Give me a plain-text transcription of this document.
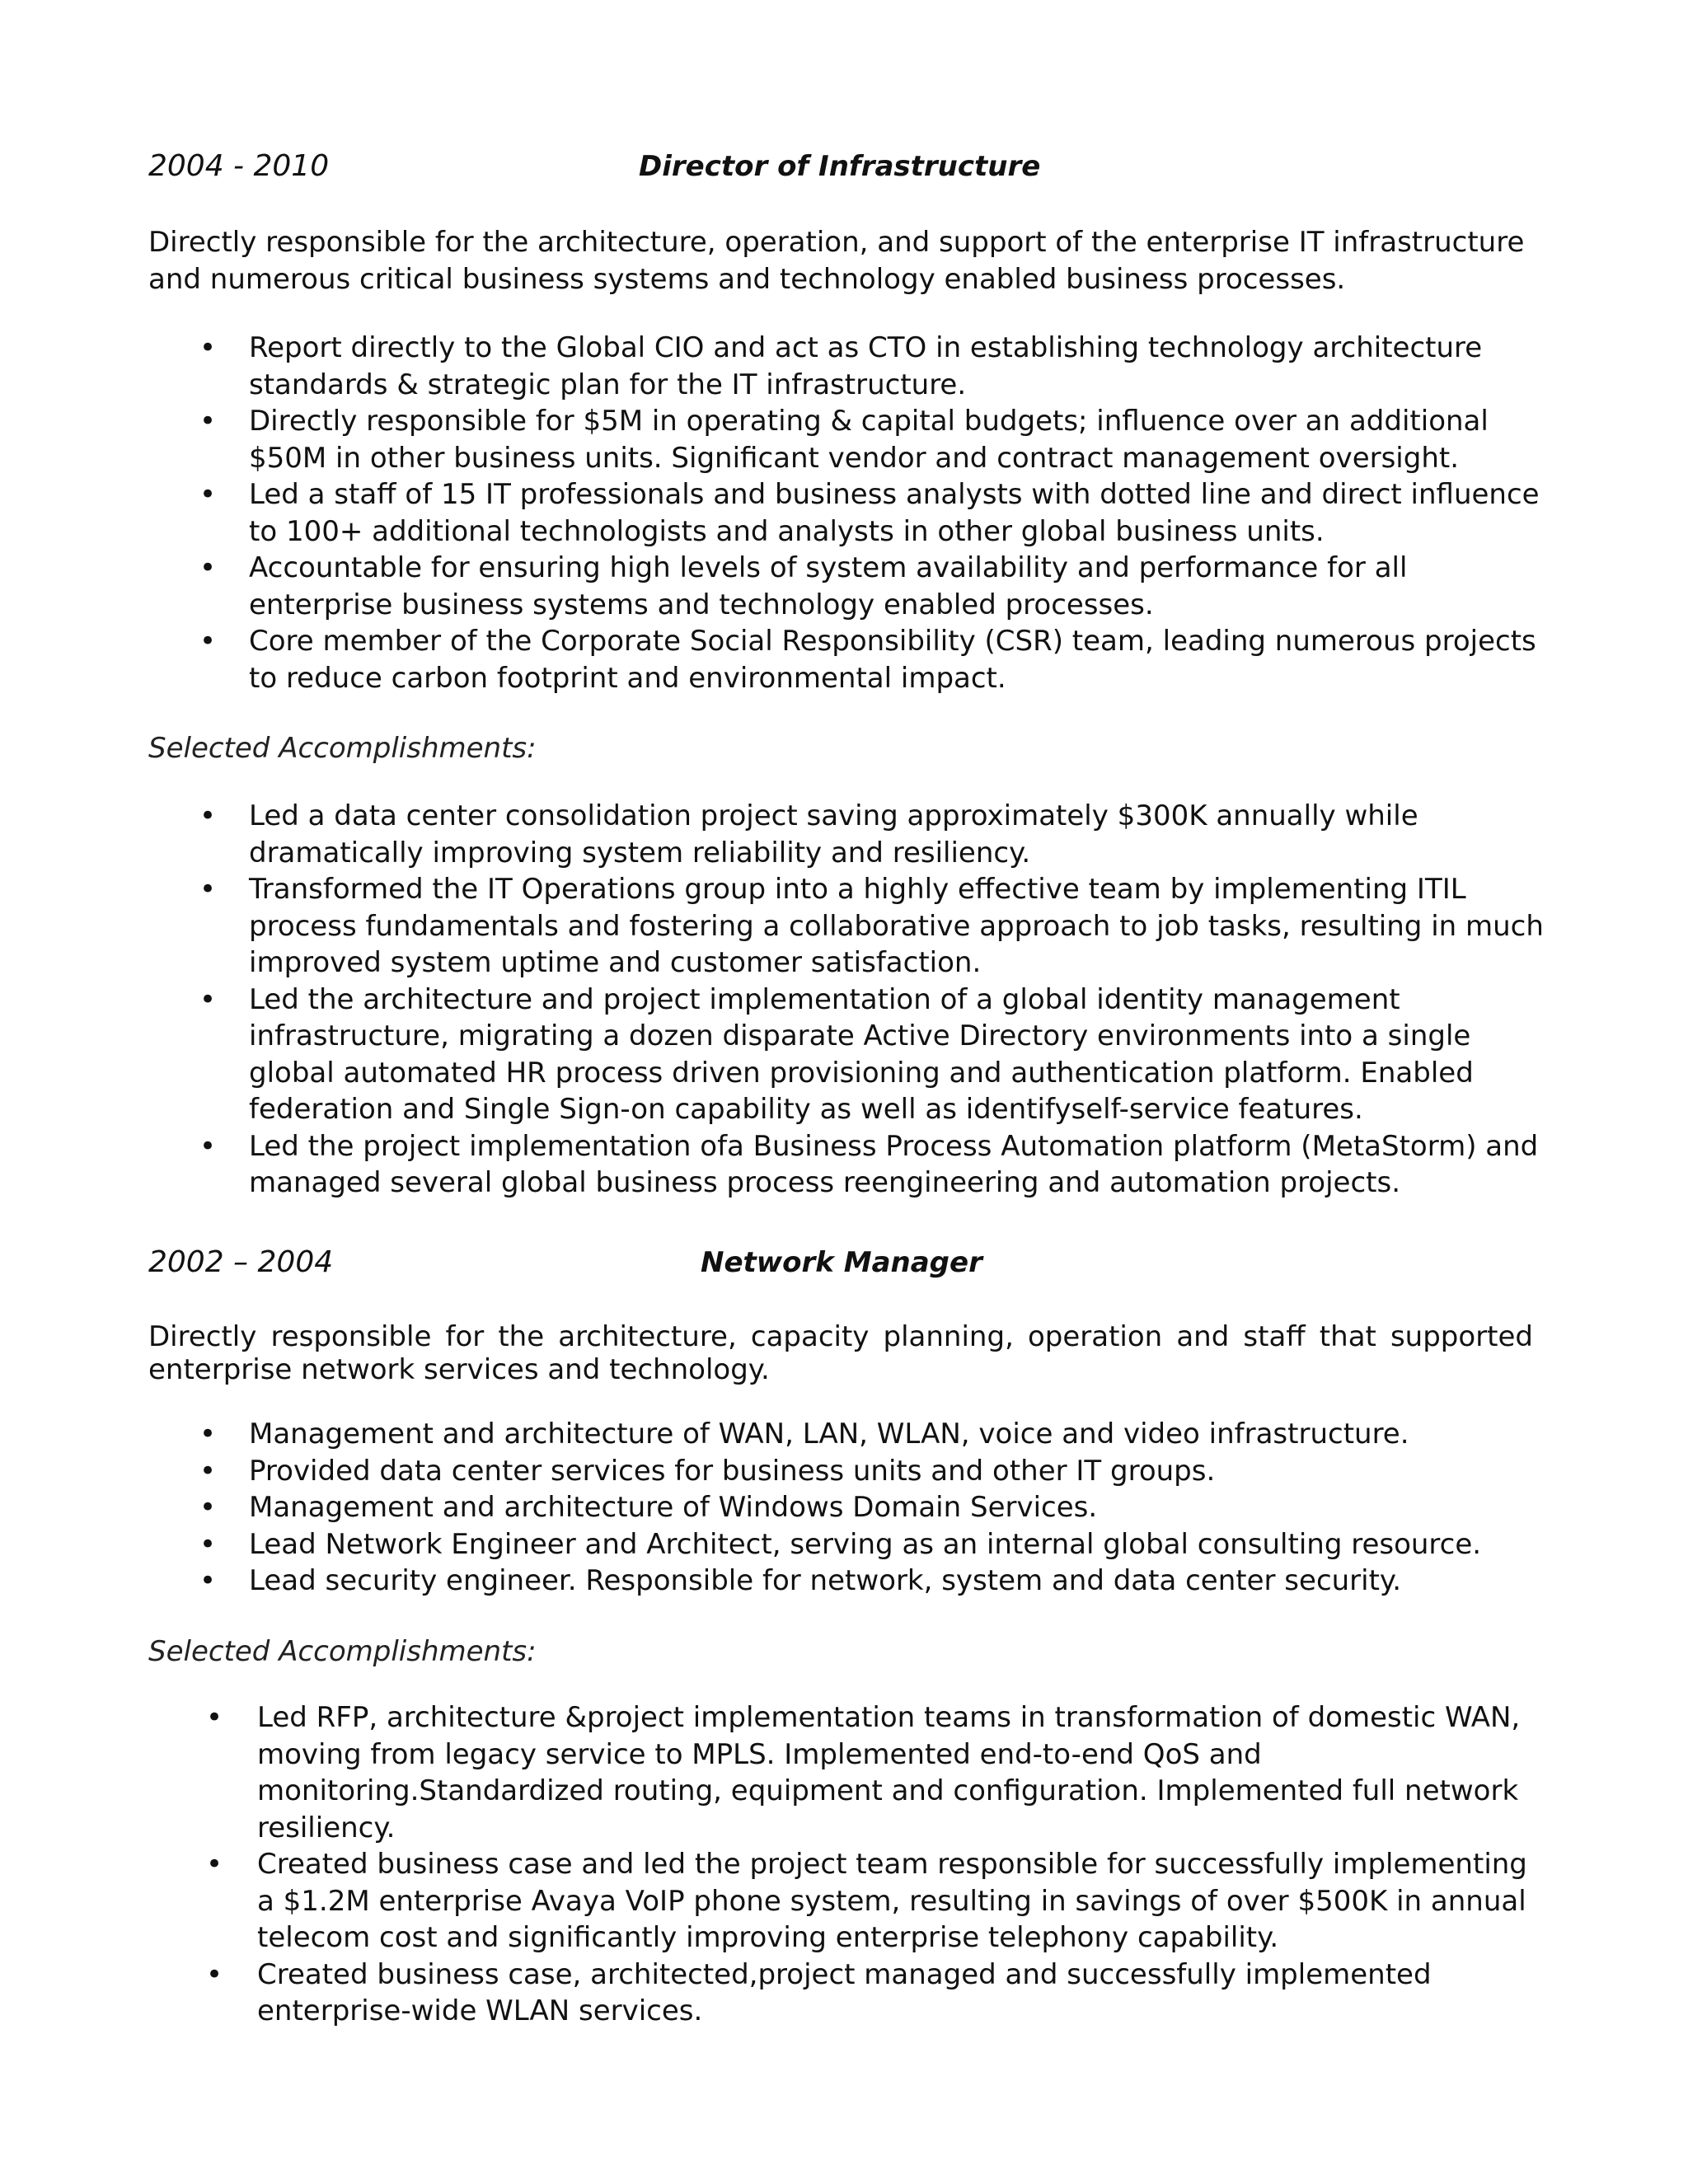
2004 - 2010	Director of Infrastructure

Directly responsible for the architecture, operation, and support of the enterprise IT infrastructure and numerous critical business systems and technology enabled business processes.

• Report directly to the Global CIO and act as CTO in establishing technology architecture standards & strategic plan for the IT infrastructure.
• Directly responsible for $5M in operating & capital budgets; influence over an additional $50M in other business units. Significant vendor and contract management oversight.
• Led a staff of 15 IT professionals and business analysts with dotted line and direct influence to 100+ additional technologists and analysts in other global business units.
• Accountable for ensuring high levels of system availability and performance for all enterprise business systems and technology enabled processes.
• Core member of the Corporate Social Responsibility (CSR) team, leading numerous projects to reduce carbon footprint and environmental impact.
Selected Accomplishments:
• Led a data center consolidation project saving approximately $300K annually while dramatically improving system reliability and resiliency.
• Transformed the IT Operations group into a highly effective team by implementing ITIL process fundamentals and fostering a collaborative approach to job tasks, resulting in much improved system uptime and customer satisfaction.
• Led the architecture and project implementation of a global identity management infrastructure, migrating a dozen disparate Active Directory environments into a single global automated HR process driven provisioning and authentication platform. Enabled federation and Single Sign-on capability as well as identifyself-service features.
• Led the project implementation ofa Business Process Automation platform (MetaStorm) and managed several global business process reengineering and automation projects.
2002 – 2004	Network Manager

Directly responsible for the architecture, capacity planning, operation and staff that supported enterprise network services and technology.

• Management and architecture of WAN, LAN, WLAN, voice and video infrastructure.
• Provided data center services for business units and other IT groups.
• Management and architecture of Windows Domain Services.
• Lead Network Engineer and Architect, serving as an internal global consulting resource.
• Lead security engineer. Responsible for network, system and data center security.
Selected Accomplishments:
• Led RFP, architecture &project implementation teams in transformation of domestic WAN, moving from legacy service to MPLS. Implemented end-to-end QoS and monitoring.Standardized routing, equipment and configuration. Implemented full network resiliency.
• Created business case and led the project team responsible for successfully implementing a $1.2M enterprise Avaya VoIP phone system, resulting in savings of over $500K in annual telecom cost and significantly improving enterprise telephony capability.
• Created business case, architected,project managed and successfully implemented enterprise-wide WLAN services.
